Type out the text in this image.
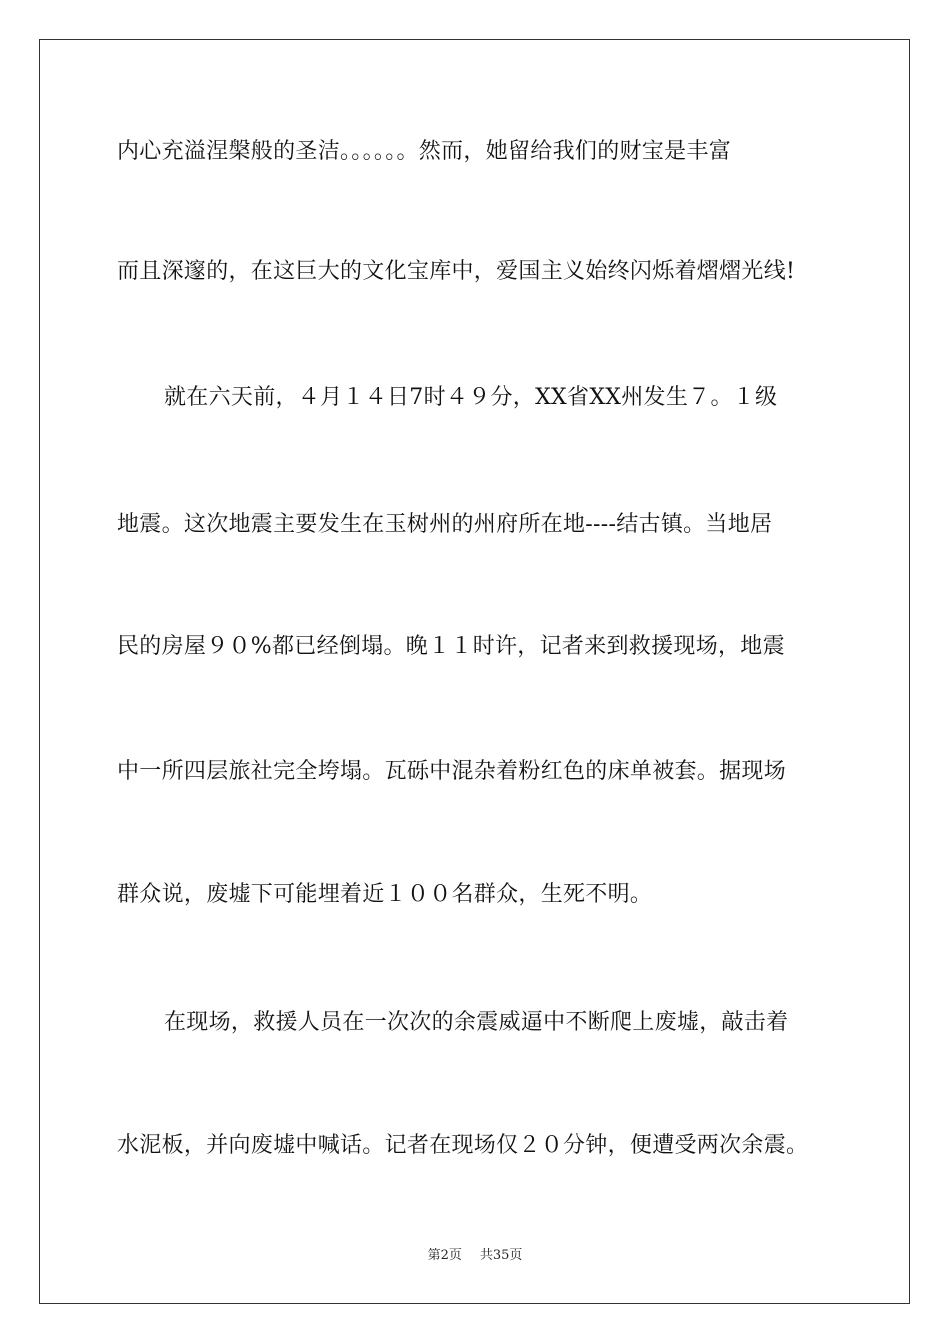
内心充溢涅槃般的圣洁。。。。。。然而，她留给我们的财宝是丰富
而且深邃的，在这巨大的文化宝库中，爱国主义始终闪烁着熠熠光线!
就在六天前，４月１４日7时４９分，XX省XX州发生７。１级
地震。这次地震主要发生在玉树州的州府所在地----结古镇。当地居
民的房屋９０%都已经倒塌。晚１１时许，记者来到救援现场，地震
中一所四层旅社完全垮塌。瓦砾中混杂着粉红色的床单被套。据现场
群众说，废墟下可能埋着近１００名群众，生死不明。
在现场，救援人员在一次次的余震威逼中不断爬上废墟，敲击着
水泥板，并向废墟中喊话。记者在现场仅２０分钟，便遭受两次余震。
第2页 共35页
